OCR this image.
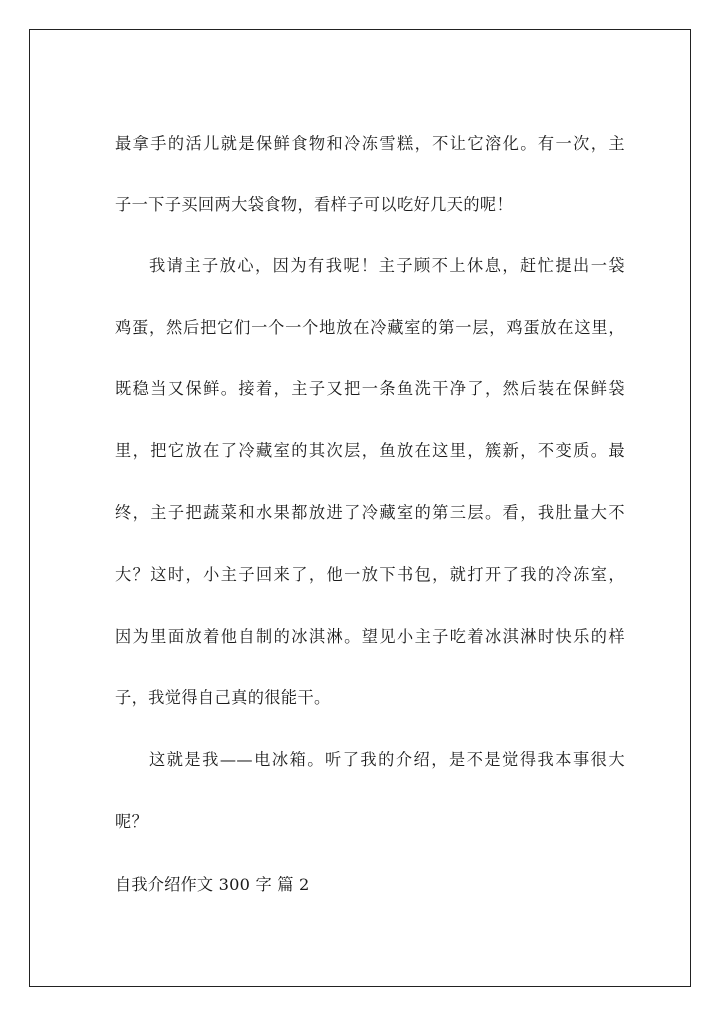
最拿手的活儿就是保鲜食物和冷冻雪糕，不让它溶化。有一次，主
子一下子买回两大袋食物，看样子可以吃好几天的呢！
我请主子放心，因为有我呢！主子顾不上休息，赶忙提出一袋
鸡蛋，然后把它们一个一个地放在冷藏室的第一层，鸡蛋放在这里，
既稳当又保鲜。接着，主子又把一条鱼洗干净了，然后装在保鲜袋
里，把它放在了冷藏室的其次层，鱼放在这里，簇新，不变质。最
终，主子把蔬菜和水果都放进了冷藏室的第三层。看，我肚量大不
大？这时，小主子回来了，他一放下书包，就打开了我的冷冻室，
因为里面放着他自制的冰淇淋。望见小主子吃着冰淇淋时快乐的样
子，我觉得自己真的很能干。
这就是我——电冰箱。听了我的介绍，是不是觉得我本事很大
呢？
自我介绍作文 300 字 篇 2
